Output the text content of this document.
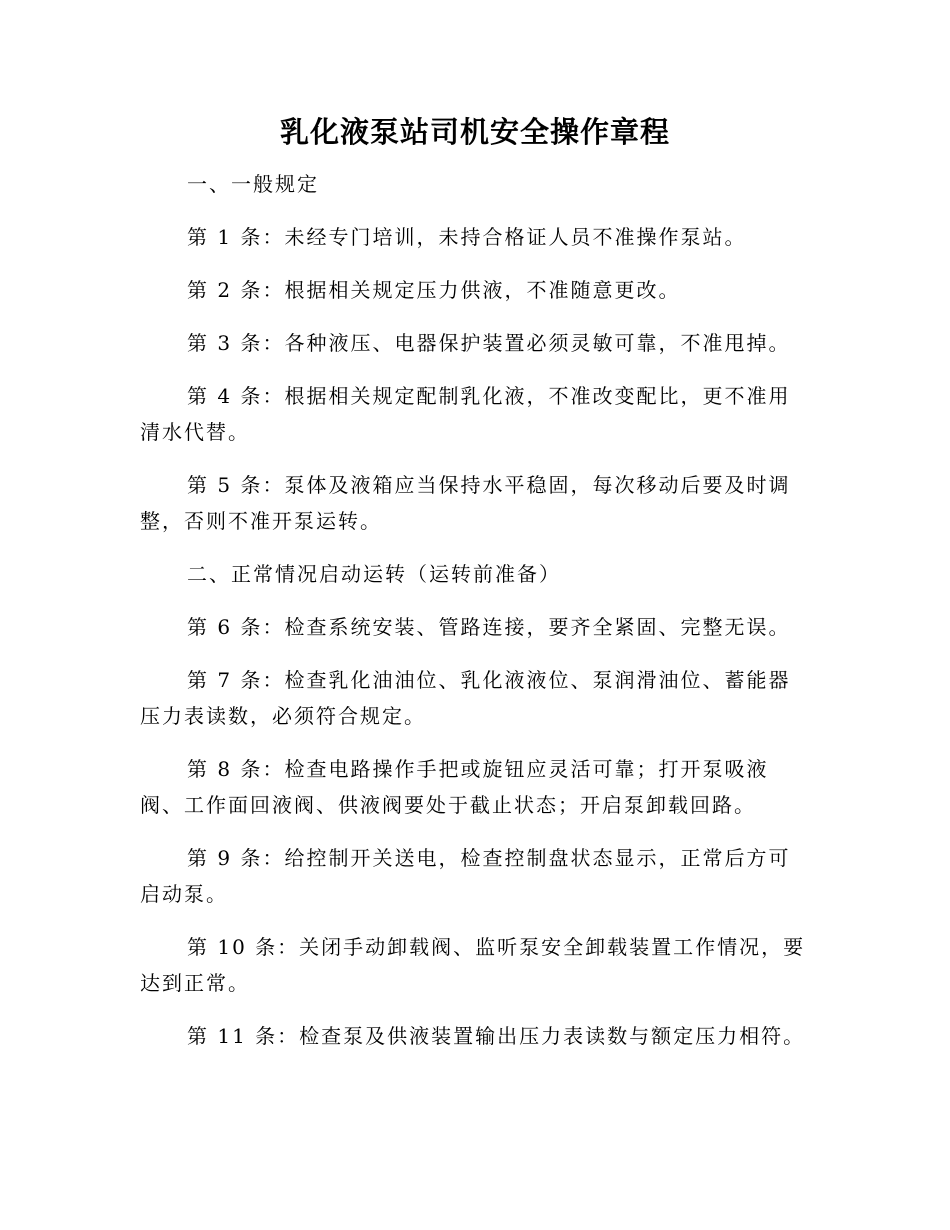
乳化液泵站司机安全操作章程

一、一般规定

第 1 条：未经专门培训，未持合格证人员不准操作泵站。

第 2 条：根据相关规定压力供液，不准随意更改。

第 3 条：各种液压、电器保护装置必须灵敏可靠，不准甩掉。

第 4 条：根据相关规定配制乳化液，不准改变配比，更不准用清水代替。

第 5 条：泵体及液箱应当保持水平稳固，每次移动后要及时调整，否则不准开泵运转。

二、正常情况启动运转（运转前准备）

第 6 条：检查系统安装、管路连接，要齐全紧固、完整无误。

第 7 条：检查乳化油油位、乳化液液位、泵润滑油位、蓄能器压力表读数，必须符合规定。

第 8 条：检查电路操作手把或旋钮应灵活可靠；打开泵吸液阀、工作面回液阀、供液阀要处于截止状态；开启泵卸载回路。

第 9 条：给控制开关送电，检查控制盘状态显示，正常后方可启动泵。

第 10 条：关闭手动卸载阀、监听泵安全卸载装置工作情况，要达到正常。

第 11 条：检查泵及供液装置输出压力表读数与额定压力相符。
